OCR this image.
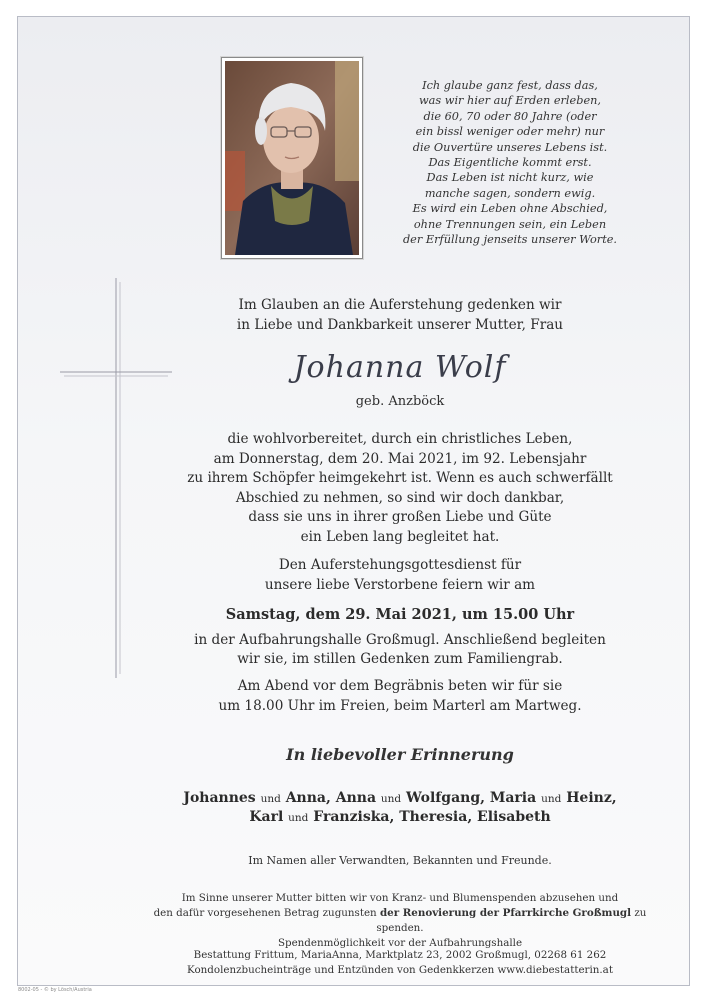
Ich glaube ganz fest, dass das,
was wir hier auf Erden erleben,
die 60, 70 oder 80 Jahre (oder
ein bissl weniger oder mehr) nur
die Ouvertüre unseres Lebens ist.
Das Eigentliche kommt erst.
Das Leben ist nicht kurz, wie
manche sagen, sondern ewig.
Es wird ein Leben ohne Abschied,
ohne Trennungen sein, ein Leben
der Erfüllung jenseits unserer Worte.
Im Glauben an die Auferstehung gedenken wir
in Liebe und Dankbarkeit unserer Mutter, Frau
Johanna Wolf
geb. Anzböck
die wohlvorbereitet, durch ein christliches Leben,
am Donnerstag, dem 20. Mai 2021, im 92. Lebensjahr
zu ihrem Schöpfer heimgekehrt ist. Wenn es auch schwerfällt
Abschied zu nehmen, so sind wir doch dankbar,
dass sie uns in ihrer großen Liebe und Güte
ein Leben lang begleitet hat.
Den Auferstehungsgottesdienst für
unsere liebe Verstorbene feiern wir am
Samstag, dem 29. Mai 2021, um 15.00 Uhr
in der Aufbahrungshalle Großmugl. Anschließend begleiten
wir sie, im stillen Gedenken zum Familiengrab.
Am Abend vor dem Begräbnis beten wir für sie
um 18.00 Uhr im Freien, beim Marterl am Martweg.
In liebevoller Erinnerung
Johannes und Anna, Anna und Wolfgang, Maria und Heinz,
Karl und Franziska, Theresia, Elisabeth
Im Namen aller Verwandten, Bekannten und Freunde.
Im Sinne unserer Mutter bitten wir von Kranz- und Blumenspenden abzusehen und
den dafür vorgesehenen Betrag zugunsten der Renovierung der Pfarrkirche Großmugl zu spenden.
Spendenmöglichkeit vor der Aufbahrungshalle
Bestattung Frittum, MariaAnna, Marktplatz 23, 2002 Großmugl, 02268 61 262
Kondolenzbucheinträge und Entzünden von Gedenkkerzen www.diebestatterin.at
8002-05 - © by Lösch/Austria
